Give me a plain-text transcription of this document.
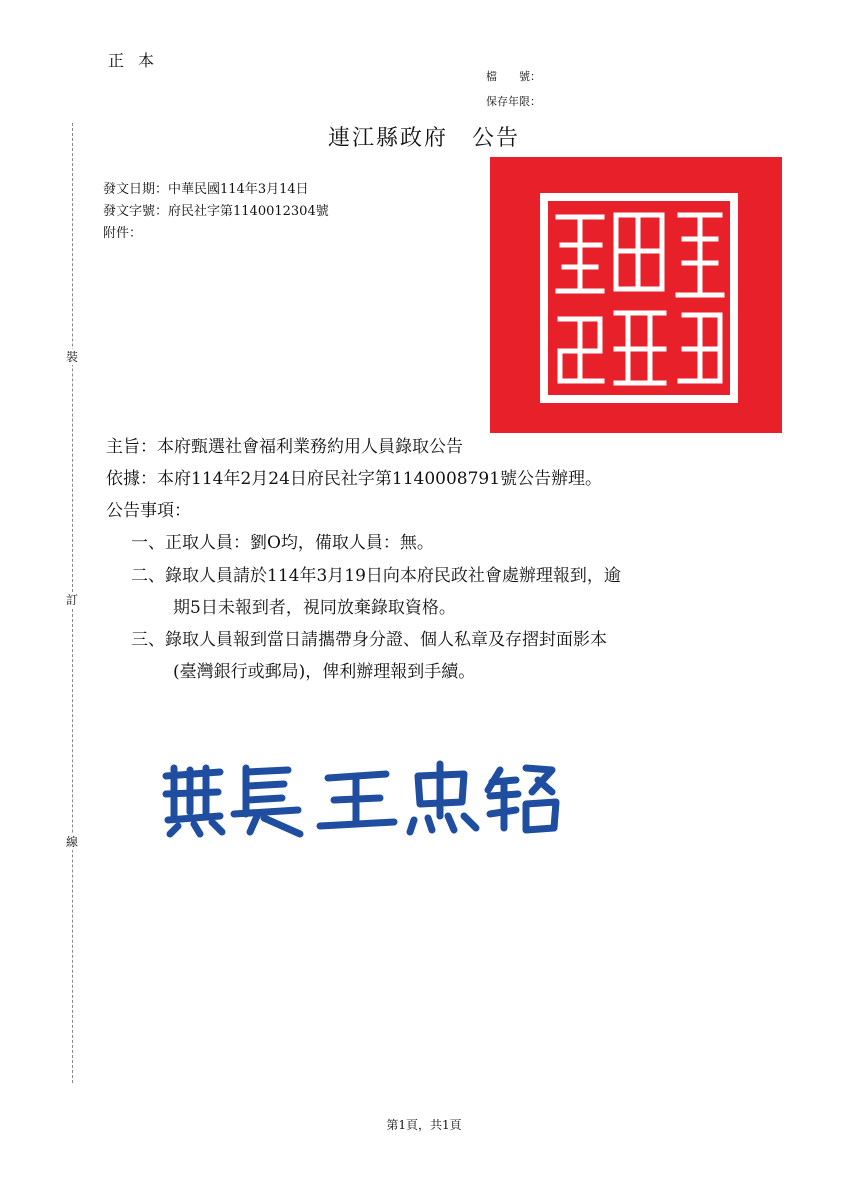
正本
檔　　號：
保存年限：
裝
訂
線
連江縣政府　公告
發文日期：中華民國114年3月14日
發文字號：府民社字第1140012304號
附件：
主旨：本府甄選社會福利業務約用人員錄取公告
依據：本府114年2月24日府民社字第1140008791號公告辦理。
公告事項：
一、正取人員：劉O均，備取人員：無。
二、錄取人員請於114年3月19日向本府民政社會處辦理報到，逾
期5日未報到者，視同放棄錄取資格。
三、錄取人員報到當日請攜帶身分證、個人私章及存摺封面影本
(臺灣銀行或郵局)，俾利辦理報到手續。
第1頁，共1頁
